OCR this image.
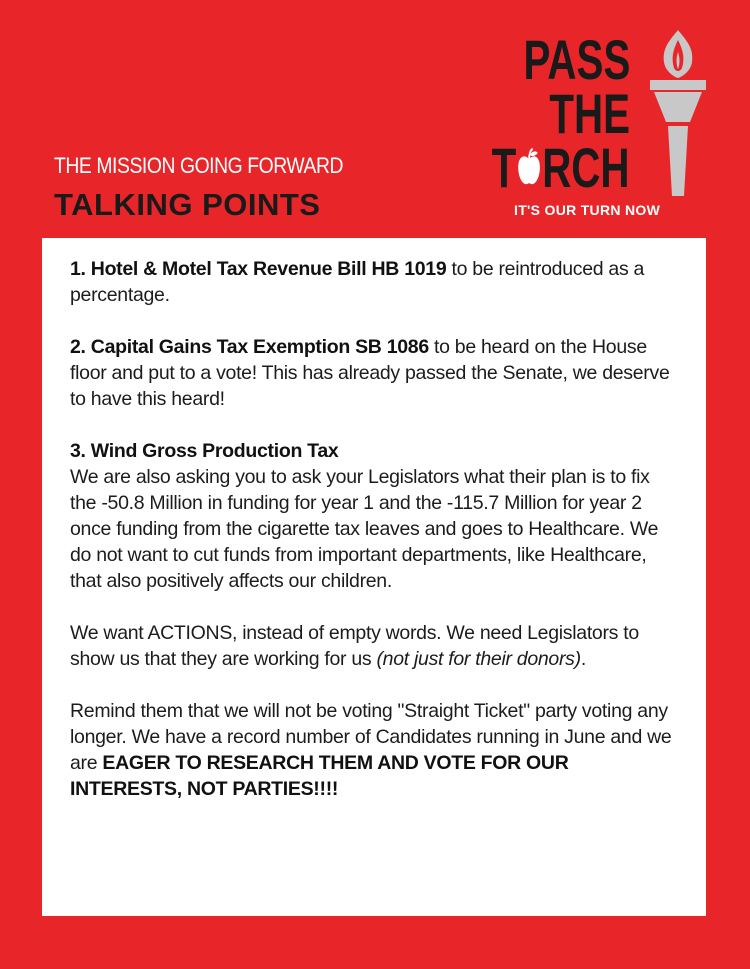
THE MISSION GOING FORWARD
TALKING POINTS
PASS
THE
T RCH
IT'S OUR TURN NOW

1. Hotel & Motel Tax Revenue Bill HB 1019 to be reintroduced as a percentage.

2. Capital Gains Tax Exemption SB 1086 to be heard on the House floor and put to a vote! This has already passed the Senate, we deserve to have this heard!

3. Wind Gross Production Tax
We are also asking you to ask your Legislators what their plan is to fix the -50.8 Million in funding for year 1 and the -115.7 Million for year 2 once funding from the cigarette tax leaves and goes to Healthcare. We do not want to cut funds from important departments, like Healthcare, that also positively affects our children.

We want ACTIONS, instead of empty words. We need Legislators to show us that they are working for us (not just for their donors).

Remind them that we will not be voting "Straight Ticket" party voting any longer. We have a record number of Candidates running in June and we are EAGER TO RESEARCH THEM AND VOTE FOR OUR INTERESTS, NOT PARTIES!!!!
